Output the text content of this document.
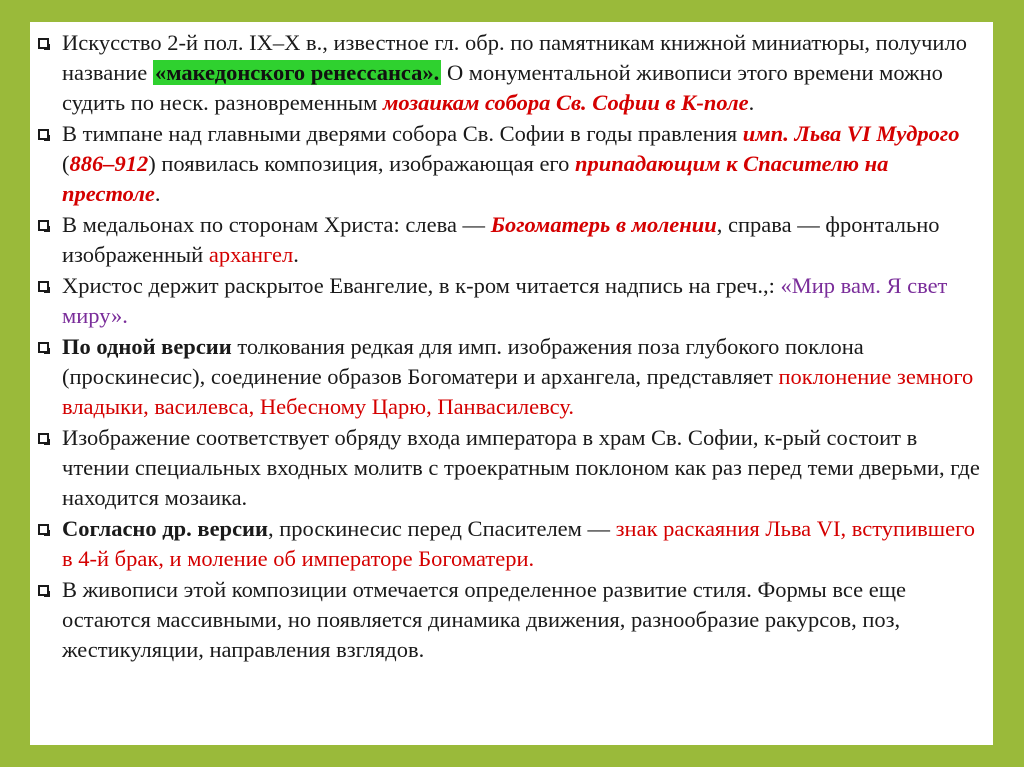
Искусство 2-й пол. IX–X в., известное гл. обр. по памятникам книжной миниатюры, получило название «македонского ренессанса». О монументальной живописи этого времени можно судить по неск. разновременным мозаикам собора Св. Софии в К-поле.
В тимпане над главными дверями собора Св. Софии в годы правления имп. Льва VI Мудрого (886–912) появилась композиция, изображающая его припадающим к Спасителю на престоле.
В медальонах по сторонам Христа: слева — Богоматерь в молении, справа — фронтально изображенный архангел.
Христос держит раскрытое Евангелие, в к-ром читается надпись на греч.,: «Мир вам. Я свет миру».
По одной версии толкования редкая для имп. изображения поза глубокого поклона (проскинесис), соединение образов Богоматери и архангела, представляет поклонение земного владыки, василевса, Небесному Царю, Панвасилевсу.
Изображение соответствует обряду входа императора в храм Св. Софии, к-рый состоит в чтении специальных входных молитв с троекратным поклоном как раз перед теми дверьми, где находится мозаика.
Согласно др. версии, проскинесис перед Спасителем — знак раскаяния Льва VI, вступившего в 4-й брак, и моление об императоре Богоматери.
В живописи этой композиции отмечается определенное развитие стиля. Формы все еще остаются массивными, но появляется динамика движения, разнообразие ракурсов, поз, жестикуляции, направления взглядов.
